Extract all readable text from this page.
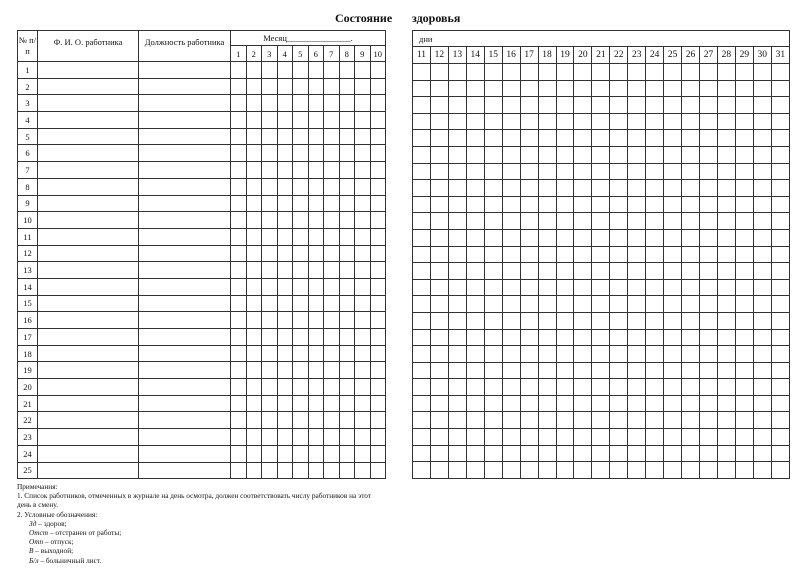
Состояние здоровья
№ п/п	Ф. И. О. работника	Должность работника	Месяц_______________.									
			1	2	3	4	5	6	7	8	9	10
1												
2												
3												
4												
5												
6												
7												
8												
9												
10												
11												
12												
13												
14												
15												
16												
17												
18												
19												
20												
21												
22												
23												
24												
25												
дни																				
11	12	13	14	15	16	17	18	19	20	21	22	23	24	25	26	27	28	29	30	31

Примечания:
1. Список работников, отмеченных в журнале на день осмотра, должен соответствовать числу работников на этот день в смену.
2. Условные обозначения:
Зд – здоров;
Отст – отстранен от работы;
Отп – отпуск;
В – выходной;
Б/л – больничный лист.
